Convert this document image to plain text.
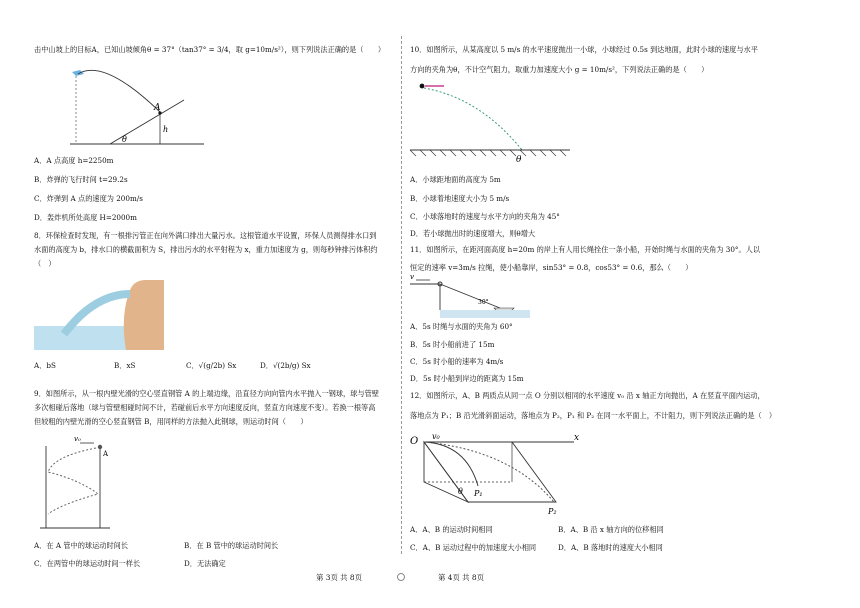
击中山坡上的目标A，已知山坡倾角θ = 37°（tan37° = 3/4，取 g=10m/s²），则下列说法正确的是（　　）
A
h
θ
A．A 点高度 h=2250m
B．炸弹的飞行时间 t=29.2s
C．炸弹到 A 点的速度为 200m/s
D．轰炸机所处高度 H=2000m
8．环保检查时发现，有一根排污管正在向外满口排出大量污水。这根管道水平设置，环保人员测得排水口到
水面的高度为 b，排水口的横截面积为 S，排出污水的水平射程为 x，重力加速度为 g，则每秒钟排污体积约
（　）
A．bS	B．xS	C．√(g/2b) Sx	D．√(2b/g) Sx
9．如图所示，从一根内壁光滑的空心竖直钢管 A 的上端边缘，沿直径方向向管内水平抛入一钢球，球与管壁
多次相碰后落地（球与管壁相碰时间不计，若碰前后水平方向速度反向，竖直方向速度不变）。若换一根等高
但较粗的内壁光滑的空心竖直钢管 B，用同样的方法抛入此钢球，则运动时间（　　）
v₀
A
A．在 A 管中的球运动时间长	B．在 B 管中的球运动时间长
C．在两管中的球运动时间一样长	D．无法确定
第 3页 共 8页
10．如图所示，从某高度以 5 m/s 的水平速度抛出一小球，小球经过 0.5s 到达地面，此时小球的速度与水平
方向的夹角为θ，不计空气阻力，取重力加速度大小 g = 10m/s²，下列说法正确的是（　　）
θ
A．小球距地面的高度为 5m
B．小球着地速度大小为 5 m/s
C．小球落地时的速度与水平方向的夹角为 45°
D．若小球抛出时的速度增大，则θ增大
11．如图所示，在距河面高度 h=20m 的岸上有人用长绳拴住一条小船，开始时绳与水面的夹角为 30°。人以
恒定的速率 v=3m/s 拉绳，使小船靠岸，sin53° = 0.8，cos53° = 0.6，那么（　　）
v
30°
A．5s 时绳与水面的夹角为 60°
B．5s 时小船前进了 15m
C．5s 时小船的速率为 4m/s
D．5s 时小船到岸边的距离为 15m
12．如图所示，A、B 两质点从同一点 O 分别以相同的水平速度 v₀ 沿 x 轴正方向抛出，A 在竖直平面内运动，
落地点为 P₁；B 沿光滑斜面运动，落地点为 P₂，P₁ 和 P₂ 在同一水平面上，不计阻力，则下列说法正确的是（　）
O v₀	x
θ P₁
P₂
A．A、B 的运动时间相同	B．A、B 沿 x 轴方向的位移相同
C．A、B 运动过程中的加速度大小相同	D．A、B 落地时的速度大小相同
第 4页 共 8页
